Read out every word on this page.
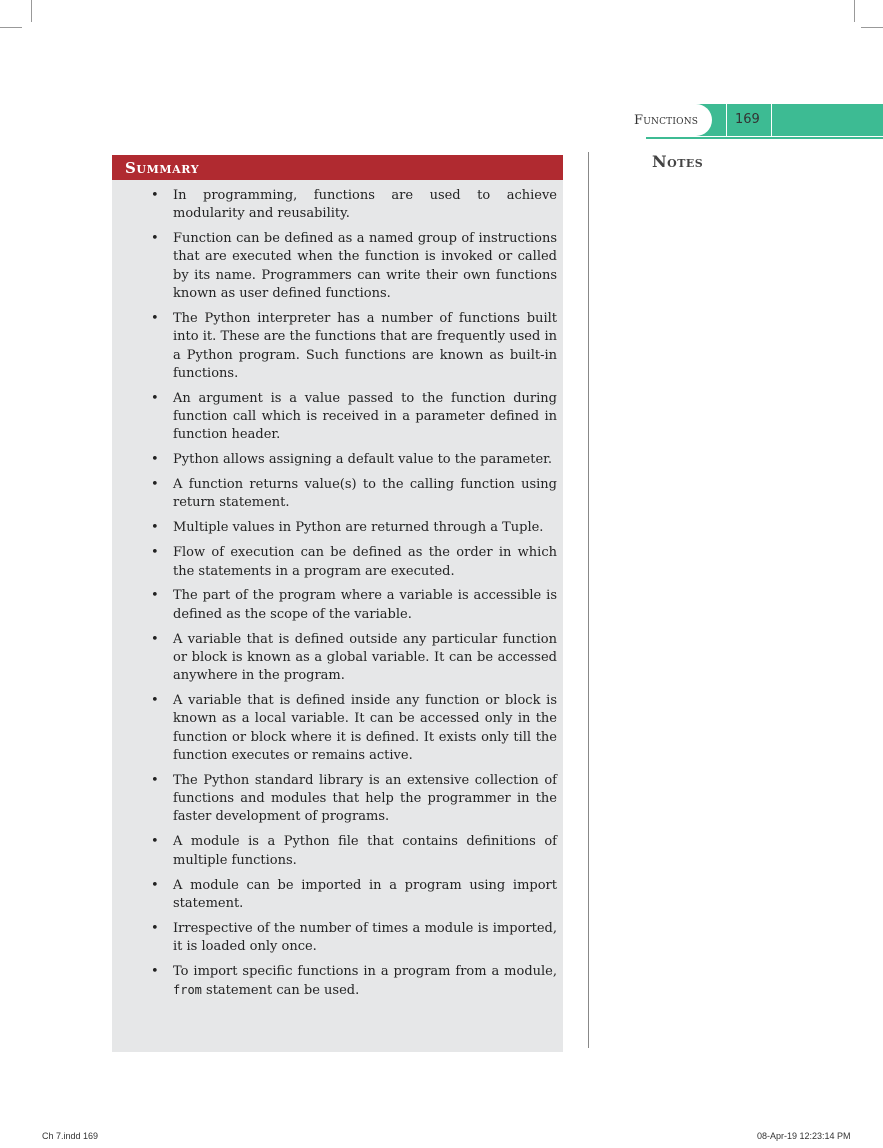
Functions	169
Notes
Summary
• In programming, functions are used to achieve modularity and reusability.
• Function can be defined as a named group of instructions that are executed when the function is invoked or called by its name. Programmers can write their own functions known as user defined functions.
• The Python interpreter has a number of functions built into it. These are the functions that are frequently used in a Python program. Such functions are known as built-in functions.
• An argument is a value passed to the function during function call which is received in a parameter defined in function header.
• Python allows assigning a default value to the parameter.
• A function returns value(s) to the calling function using return statement.
• Multiple values in Python are returned through a Tuple.
• Flow of execution can be defined as the order in which the statements in a program are executed.
• The part of the program where a variable is accessible is defined as the scope of the variable.
• A variable that is defined outside any particular function or block is known as a global variable. It can be accessed anywhere in the program.
• A variable that is defined inside any function or block is known as a local variable. It can be accessed only in the function or block where it is defined. It exists only till the function executes or remains active.
• The Python standard library is an extensive collection of functions and modules that help the programmer in the faster development of programs.
• A module is a Python file that contains definitions of multiple functions.
• A module can be imported in a program using import statement.
• Irrespective of the number of times a module is imported, it is loaded only once.
• To import specific functions in a program from a module, from statement can be used.
Ch 7.indd 169	08-Apr-19 12:23:14 PM
